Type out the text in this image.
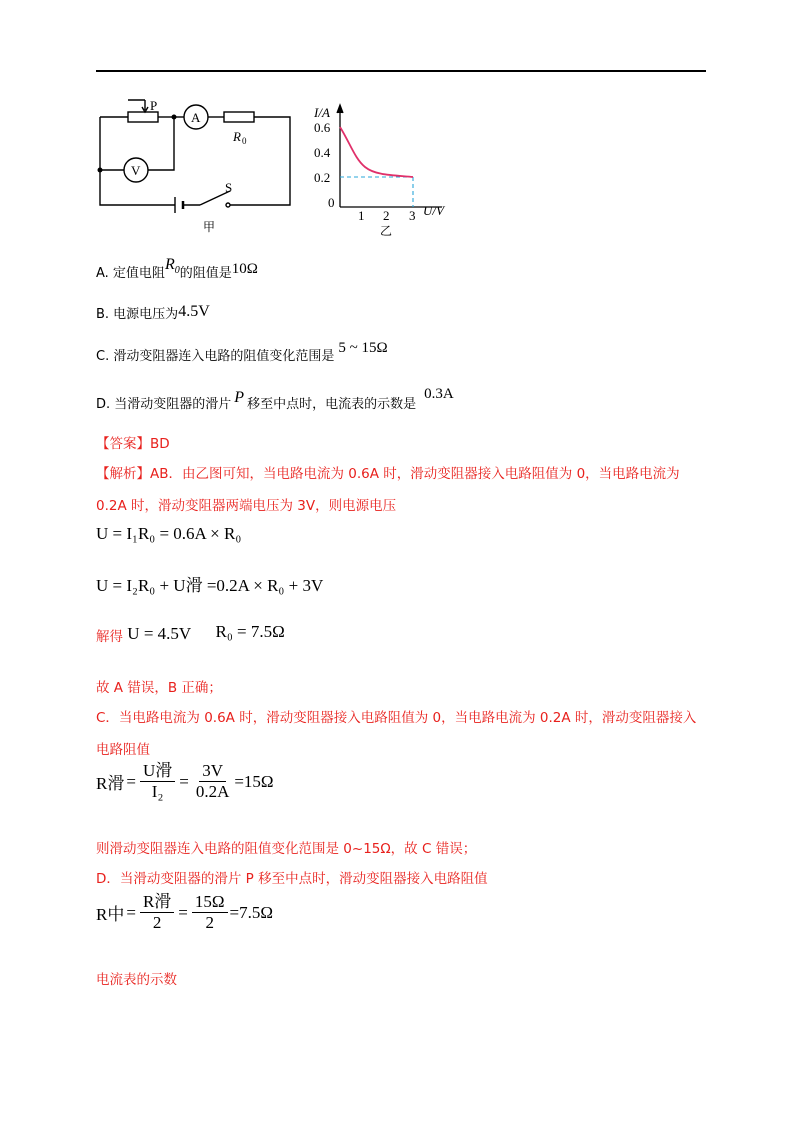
P
A
R 0
V
S
甲
I/A
0.6
0.4
0.2
0
1 2 3 U/V
乙
A. 定值电阻$R_0$的阻值是10Ω
B. 电源电压为4.5V
C. 滑动变阻器连入电路的阻值变化范围是5 ~ 15Ω
D. 当滑动变阻器的滑片 P 移至中点时，电流表的示数是0.3A
【答案】BD
【解析】AB．由乙图可知，当电路电流为 0.6A 时，滑动变阻器接入电路阻值为 0，当电路电流为
0.2A 时，滑动变阻器两端电压为 3V，则电源电压
U = I₁R₀ = 0.6A × R₀
U = I₂R₀ + U滑 =0.2A × R₀ + 3V
解得 U = 4.5V R₀ = 7.5Ω
故 A 错误，B 正确；
C．当电路电流为 0.6A 时，滑动变阻器接入电路阻值为 0，当电路电流为 0.2A 时，滑动变阻器接入
电路阻值
R滑 = $\frac{\text{U滑}}{\text{I₂}} = \frac{3V}{0.2A} =15\Omega$
则滑动变阻器连入电路的阻值变化范围是 0~15Ω，故 C 错误；
D．当滑动变阻器的滑片 P 移至中点时，滑动变阻器接入电路阻值
R中 = $\frac{\text{R滑}}{2} = \frac{15\Omega}{2} =7.5\Omega$
电流表的示数
